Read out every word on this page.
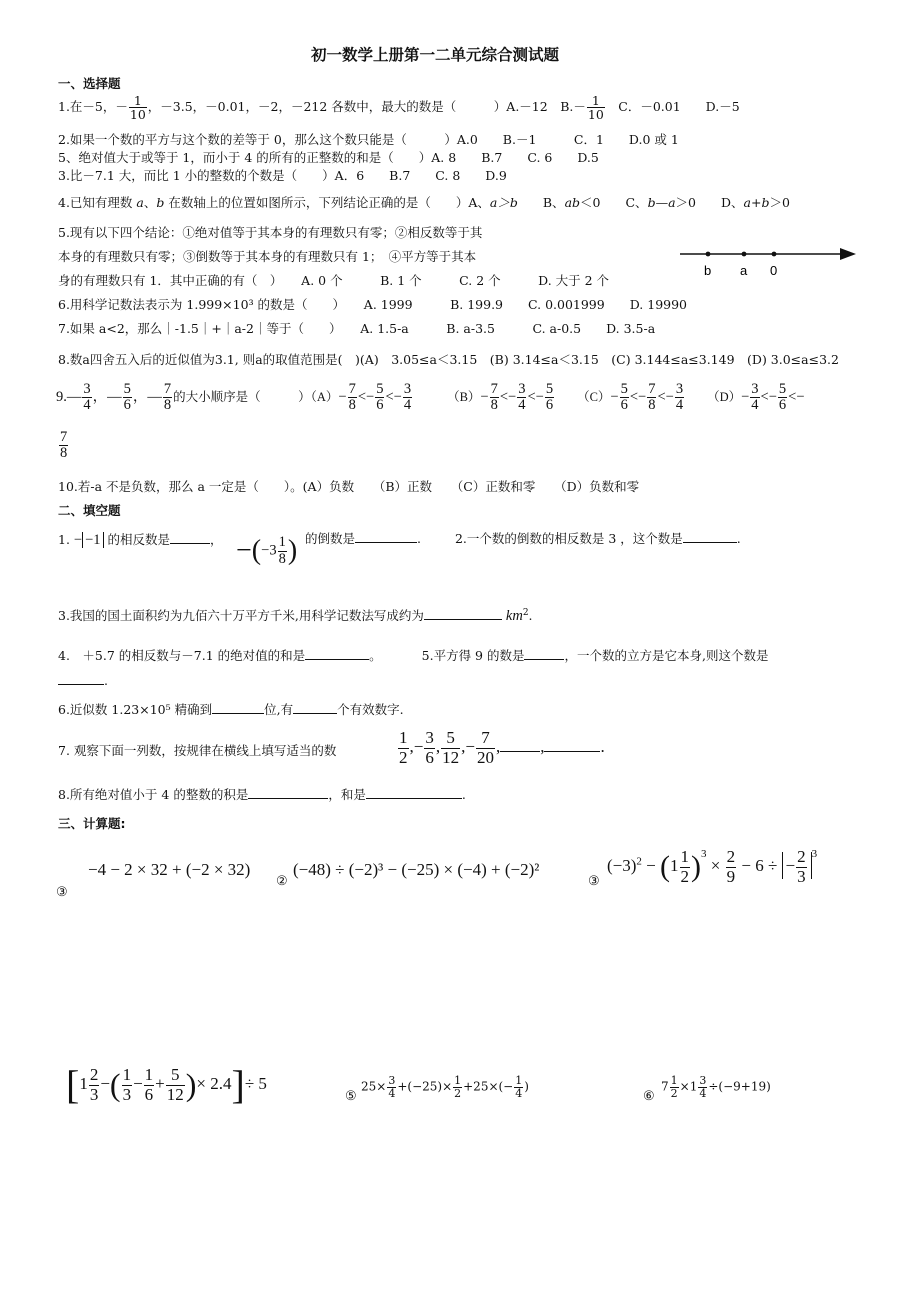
初一数学上册第一二单元综合测试题
一、选择题
1.在－5，－ $\frac{1}{10}$ ，－3.5，－0.01，－2，－212 各数中，最大的数是（　　　）A.－12　$B.- \frac{1}{10}$ 　C．－0.01　　D.－5
2.如果一个数的平方与这个数的差等于 0，那么这个数只能是（　　　）A.0　　B.－1　　　C．1　　D.0 或 1
5、绝对值大于或等于 1，而小于 4 的所有的正整数的和是（　　）A. 8　　B.7　　C. 6　　D.5
3.比－7.1 大，而比 1 小的整数的个数是（　　）A．6　　B.7　　C. 8　　D.9
4.已知有理数 a、b 在数轴上的位置如图所示，下列结论正确的是（　　）A、a＞b　　B、ab＜0　　C、b—a＞0　　D、a+b＞0
5.现有以下四个结论：①绝对值等于其本身的有理数只有零；②相反数等于其
本身的有理数只有零；③倒数等于其本身的有理数只有 1；　④平方等于其本
身的有理数只有 1．其中正确的有（　）　　A. 0 个　　　B. 1 个　　　C. 2 个　　　D. 大于 2 个
b a 0
6.用科学记数法表示为 1.999×10³ 的数是（　　）　　A. 1999　　　B. 199.9　　C. 0.001999　　D. 19990
7.如果 a<2，那么｜-1.5｜+｜a-2｜等于（　　）　　A. 1.5-a　　　B. a-3.5　　　C. a-0.5　　D. 3.5-a
8.数a四舍五入后的近似值为3.1, 则a的取值范围是(　)(A)　3.05≤a＜3.15　(B) 3.14≤a＜3.15　(C) 3.144≤a≤3.149　(D) 3.0≤a≤3.2
9.— $\frac{3}{4}$ ，— $\frac{5}{6}$ ，— $\frac{7}{8}$ 的大小顺序是（　　　）$(A)- \frac{7}{8} <- \frac{5}{6} <- \frac{3}{4}$	$(B)- \frac{7}{8} <- \frac{3}{4} <- \frac{5}{6} (C)- \frac{5}{6} <- \frac{7}{8} <- \frac{3}{4} (D)- \frac{3}{4} <- \frac{5}{6}$ <−
$\frac{7}{8}$
10.若-a 不是负数，那么 a 一定是（　　）。(A）负数　　（B）正数　　（C）正数和零　　（D）负数和零
二、填空题
1. − −1 的相反数是	， $-(-3 \frac{1}{8}$ ) 的倒数是	. 2.一个数的倒数的相反数是 3 ，这个数是	.
3.我国的国土面积约为九佰六十万平方千米,用科学记数法写成约为	$km^2$.
4.　＋5.7 的相反数与－7.1 的绝对值的和是	。	5.平方得 9 的数是	，一个数的立方是它本身,则这个数是
.
6.近似数 1.23×10⁵ 精确到	位,有	个有效数字.
7. 观察下面一列数，按规律在横线上填写适当的数	$\frac{1}{2}$ ,− $\frac{3}{6}$ , $\frac{5}{12}$ ,− $\frac{7}{20}$ , ,	.
8.所有绝对值小于 4 的整数的积是	，和是	.
三、计算题:
−4 − 2 × 32 + (−2 × 32)
③
②
(−48) ÷ (−2)³ − (−25) × (−4) + (−2)²
③
$(-3)^2 - (1 \frac{1}{2} )^3 \times \frac{2}{9} - 6$ ÷ − $\frac{2}{3} ^3$
[$1 \frac{2}{3}$ −( $\frac{1}{3} - \frac{1}{6} + \frac{5}{12}$ )× 2.4]÷ 5
⑤
$25\times \frac{3}{4} +(-25)\times \frac{1}{2} +25\times(- \frac{1}{4}$ )
⑥
$7 \frac{1}{2} \times 1 \frac{3}{4} \div(-9+19)$
